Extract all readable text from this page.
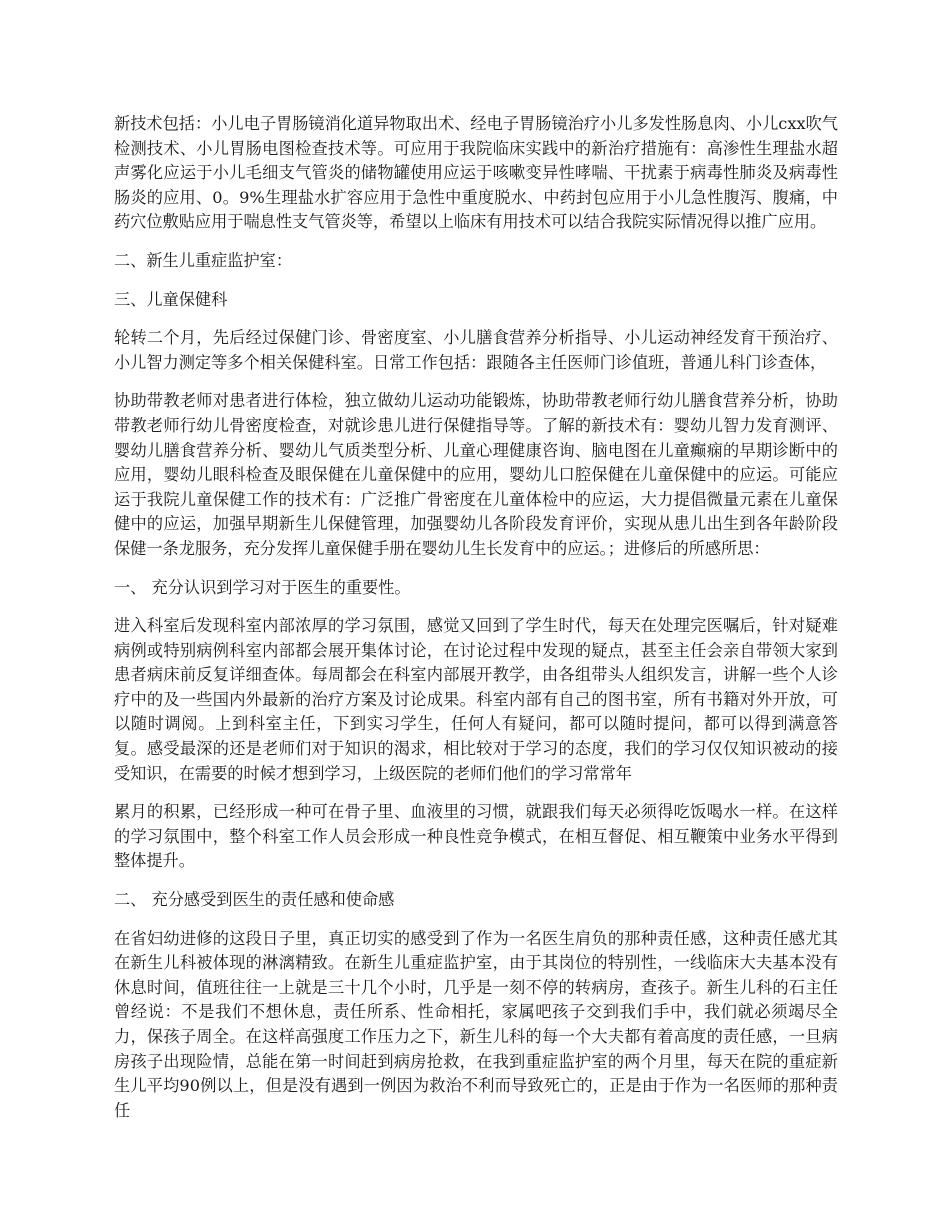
新技术包括：小儿电子胃肠镜消化道异物取出术、经电子胃肠镜治疗小儿多发性肠息肉、小儿cxx吹气检测技术、小儿胃肠电图检查技术等。可应用于我院临床实践中的新治疗措施有：高渗性生理盐水超声雾化应运于小儿毛细支气管炎的储物罐使用应运于咳嗽变异性哮喘、干扰素于病毒性肺炎及病毒性肠炎的应用、0。9%生理盐水扩容应用于急性中重度脱水、中药封包应用于小儿急性腹泻、腹痛，中药穴位敷贴应用于喘息性支气管炎等，希望以上临床有用技术可以结合我院实际情况得以推广应用。

二、新生儿重症监护室：

三、儿童保健科

轮转二个月，先后经过保健门诊、骨密度室、小儿膳食营养分析指导、小儿运动神经发育干预治疗、小儿智力测定等多个相关保健科室。日常工作包括：跟随各主任医师门诊值班，普通儿科门诊查体，

协助带教老师对患者进行体检，独立做幼儿运动功能锻炼，协助带教老师行幼儿膳食营养分析，协助带教老师行幼儿骨密度检查，对就诊患儿进行保健指导等。了解的新技术有：婴幼儿智力发育测评、婴幼儿膳食营养分析、婴幼儿气质类型分析、儿童心理健康咨询、脑电图在儿童癫痫的早期诊断中的应用，婴幼儿眼科检查及眼保健在儿童保健中的应用，婴幼儿口腔保健在儿童保健中的应运。可能应运于我院儿童保健工作的技术有：广泛推广骨密度在儿童体检中的应运，大力提倡微量元素在儿童保健中的应运，加强早期新生儿保健管理，加强婴幼儿各阶段发育评价，实现从患儿出生到各年龄阶段保健一条龙服务，充分发挥儿童保健手册在婴幼儿生长发育中的应运。；进修后的所感所思：

一、 充分认识到学习对于医生的重要性。

进入科室后发现科室内部浓厚的学习氛围，感觉又回到了学生时代，每天在处理完医嘱后，针对疑难病例或特别病例科室内部都会展开集体讨论，在讨论过程中发现的疑点，甚至主任会亲自带领大家到患者病床前反复详细查体。每周都会在科室内部展开教学，由各组带头人组织发言，讲解一些个人诊疗中的及一些国内外最新的治疗方案及讨论成果。科室内部有自己的图书室，所有书籍对外开放，可以随时调阅。上到科室主任，下到实习学生，任何人有疑问，都可以随时提问，都可以得到满意答复。感受最深的还是老师们对于知识的渴求，相比较对于学习的态度，我们的学习仅仅知识被动的接受知识，在需要的时候才想到学习，上级医院的老师们他们的学习常常年

累月的积累，已经形成一种可在骨子里、血液里的习惯，就跟我们每天必须得吃饭喝水一样。在这样的学习氛围中，整个科室工作人员会形成一种良性竞争模式，在相互督促、相互鞭策中业务水平得到整体提升。

二、 充分感受到医生的责任感和使命感

在省妇幼进修的这段日子里，真正切实的感受到了作为一名医生肩负的那种责任感，这种责任感尤其在新生儿科被体现的淋漓精致。在新生儿重症监护室，由于其岗位的特别性，一线临床大夫基本没有休息时间，值班往往一上就是三十几个小时，几乎是一刻不停的转病房，查孩子。新生儿科的石主任曾经说：不是我们不想休息，责任所系、性命相托，家属吧孩子交到我们手中，我们就必须竭尽全力，保孩子周全。在这样高强度工作压力之下，新生儿科的每一个大夫都有着高度的责任感，一旦病房孩子出现险情，总能在第一时间赶到病房抢救，在我到重症监护室的两个月里，每天在院的重症新生儿平均90例以上，但是没有遇到一例因为救治不利而导致死亡的，正是由于作为一名医师的那种责任
